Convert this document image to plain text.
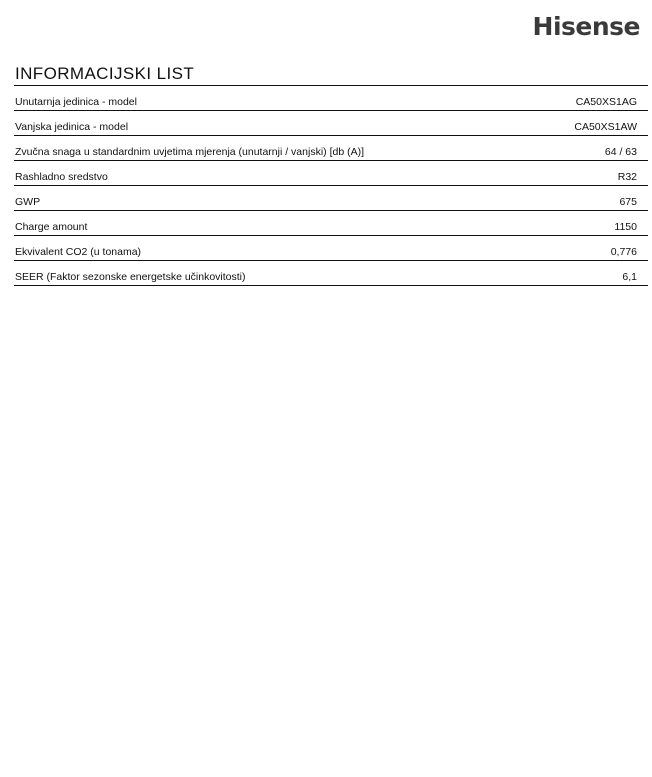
Hisense
INFORMACIJSKI LIST
Unutarnja jedinica - model	CA50XS1AG
Vanjska jedinica - model	CA50XS1AW
Zvučna snaga u standardnim uvjetima mjerenja (unutarnji / vanjski) [db (A)]	64 / 63
Rashladno sredstvo	R32
GWP	675
Charge amount	1150
Ekvivalent CO2 (u tonama)	0,776
SEER (Faktor sezonske energetske učinkovitosti)	6,1
